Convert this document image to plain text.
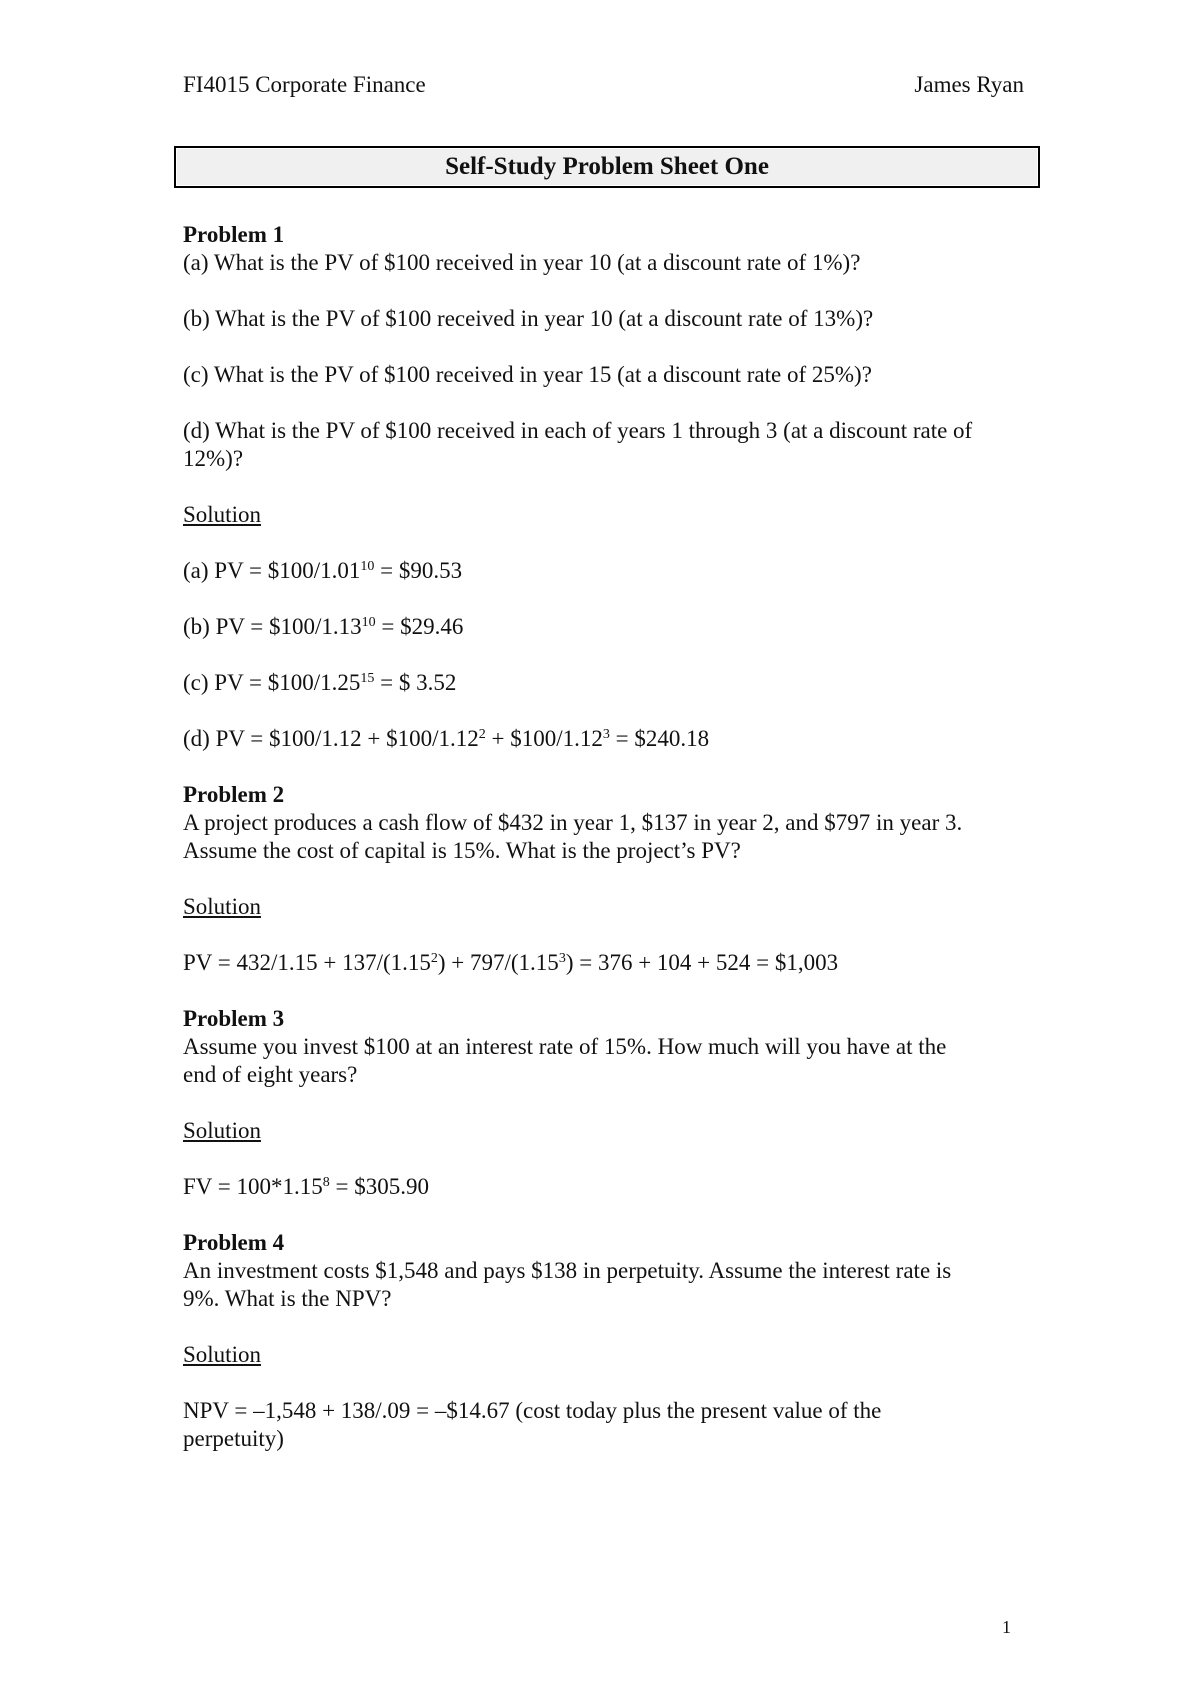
FI4015 Corporate Finance	James Ryan
Self-Study Problem Sheet One

Problem 1

(a) What is the PV of $100 received in year 10 (at a discount rate of 1%)?

(b) What is the PV of $100 received in year 10 (at a discount rate of 13%)?

(c) What is the PV of $100 received in year 15 (at a discount rate of 25%)?

(d) What is the PV of $100 received in each of years 1 through 3 (at a discount rate of

12%)?

Solution

(a) PV = $\$100/1.01^{10}$ = $90.53

(b) PV = $\$100/1.13^{10}$ = $29.46

(c) PV = $\$100/1.25^{15}$ = $ 3.52

(d) PV = $100/1.12 + $\$100/1.12^2$ + $\$100/1.12^3$ = $240.18

Problem 2

A project produces a cash flow of $432 in year 1, $137 in year 2, and $797 in year 3.

Assume the cost of capital is 15%. What is the project’s PV?

Solution

PV = $432/1.15 + 137/(1.15^2) + 797/(1.15^3) = 376 + 104 + 524$ = $1,003

Problem 3

Assume you invest $100 at an interest rate of 15%. How much will you have at the

end of eight years?

Solution

FV = $100*1.15^8$ = $305.90

Problem 4

An investment costs $1,548 and pays $138 in perpetuity. Assume the interest rate is

9%. What is the NPV?

Solution

NPV = –1,548 + 138/.09 = –$14.67 (cost today plus the present value of the

perpetuity)

1
